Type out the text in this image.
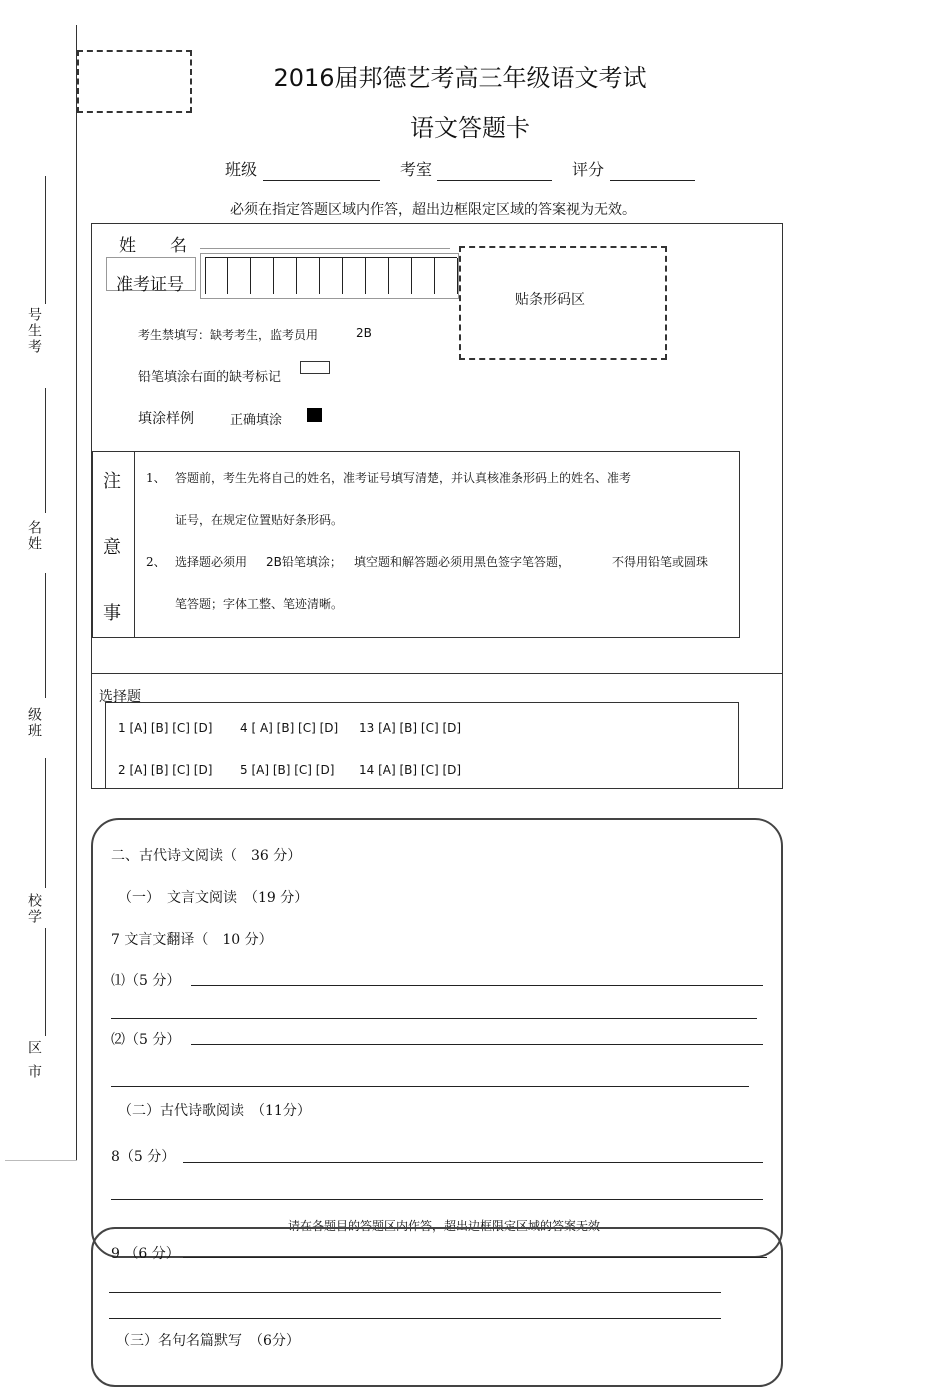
号生考
名姓
级班
校学
区市
2016届邦德艺考高三年级语文考试
语文答题卡
班级	考室	评分
必须在指定答题区域内作答，超出边框限定区域的答案视为无效。
姓　　名
准考证号
贴条形码区
考生禁填写：缺考考生，监考员用	2B
铅笔填涂右面的缺考标记
填涂样例	正确填涂
注
意
事
1、 答题前，考生先将自己的姓名，准考证号填写清楚，并认真核准条形码上的姓名、准考
证号，在规定位置贴好条形码。
2、 选择题必须用 2B铅笔填涂； 填空题和解答题必须用黑色签字笔答题，	不得用铅笔或圆珠
笔答题；字体工整、笔迹清晰。
选择题
1 [A] [B] [C] [D] 4 [ A] [B] [C] [D] 13 [A] [B] [C] [D]
2 [A] [B] [C] [D] 5 [A] [B] [C] [D] 14 [A] [B] [C] [D]
二、古代诗文阅读（　36 分）
（一）　文言文阅读　（19 分）
7 文言文翻译（　10 分）
⑴（5 分）
⑵（5 分）
（二）古代诗歌阅读　（11分）
8（5 分）
请在各题目的答题区内作答，超出边框限定区域的答案无效
9 （6 分）
（三）名句名篇默写　（6分）
